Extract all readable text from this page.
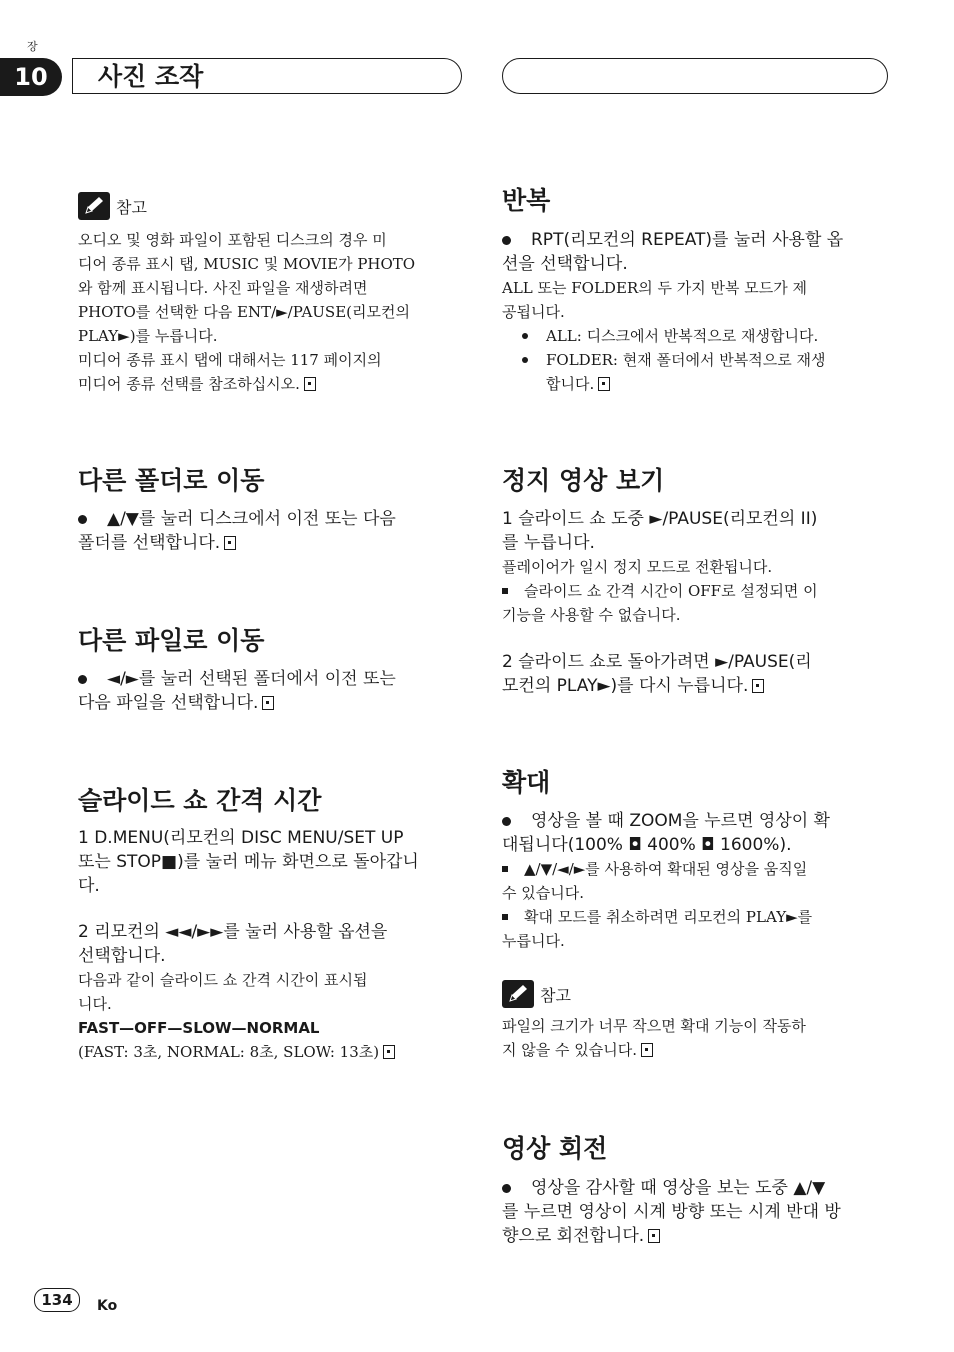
장
10	사진 조작
참고
오디오 및 영화 파일이 포함된 디스크의 경우 미
디어 종류 표시 탭, MUSIC 및 MOVIE가 PHOTO
와 함께 표시됩니다. 사진 파일을 재생하려면
PHOTO를 선택한 다음 ENT/►/PAUSE(리모컨의
PLAY►)를 누릅니다.
미디어 종류 표시 탭에 대해서는 117 페이지의
미디어 종류 선택를 참조하십시오.
다른 폴더로 이동
▲/▼를 눌러 디스크에서 이전 또는 다음
폴더를 선택합니다.
다른 파일로 이동
◄/►를 눌러 선택된 폴더에서 이전 또는
다음 파일을 선택합니다.
슬라이드 쇼 간격 시간
1 D.MENU(리모컨의 DISC MENU/SET UP
또는 STOP■)를 눌러 메뉴 화면으로 돌아갑니
다.
2 리모컨의 ◄◄/►►를 눌러 사용할 옵션을
선택합니다.
다음과 같이 슬라이드 쇼 간격 시간이 표시됩
니다.
FAST—OFF—SLOW—NORMAL
(FAST: 3초, NORMAL: 8초, SLOW: 13초)
반복
RPT(리모컨의 REPEAT)를 눌러 사용할 옵
션을 선택합니다.
ALL 또는 FOLDER의 두 가지 반복 모드가 제
공됩니다.
ALL: 디스크에서 반복적으로 재생합니다.
FOLDER: 현재 폴더에서 반복적으로 재생
합니다.
정지 영상 보기
1 슬라이드 쇼 도중 ►/PAUSE(리모컨의 II)
를 누릅니다.
플레이어가 일시 정지 모드로 전환됩니다.
슬라이드 쇼 간격 시간이 OFF로 설정되면 이
기능을 사용할 수 없습니다.
2 슬라이드 쇼로 돌아가려면 ►/PAUSE(리
모컨의 PLAY►)를 다시 누릅니다.
확대
영상을 볼 때 ZOOM을 누르면 영상이 확
대됩니다(100% ◘ 400% ◘ 1600%).
▲/▼/◄/►를 사용하여 확대된 영상을 움직일
수 있습니다.
확대 모드를 취소하려면 리모컨의 PLAY►를
누릅니다.
참고
파일의 크기가 너무 작으면 확대 기능이 작동하
지 않을 수 있습니다.
영상 회전
영상을 감사할 때 영상을 보는 도중 ▲/▼
를 누르면 영상이 시계 방향 또는 시계 반대 방
향으로 회전합니다.
134	Ko
